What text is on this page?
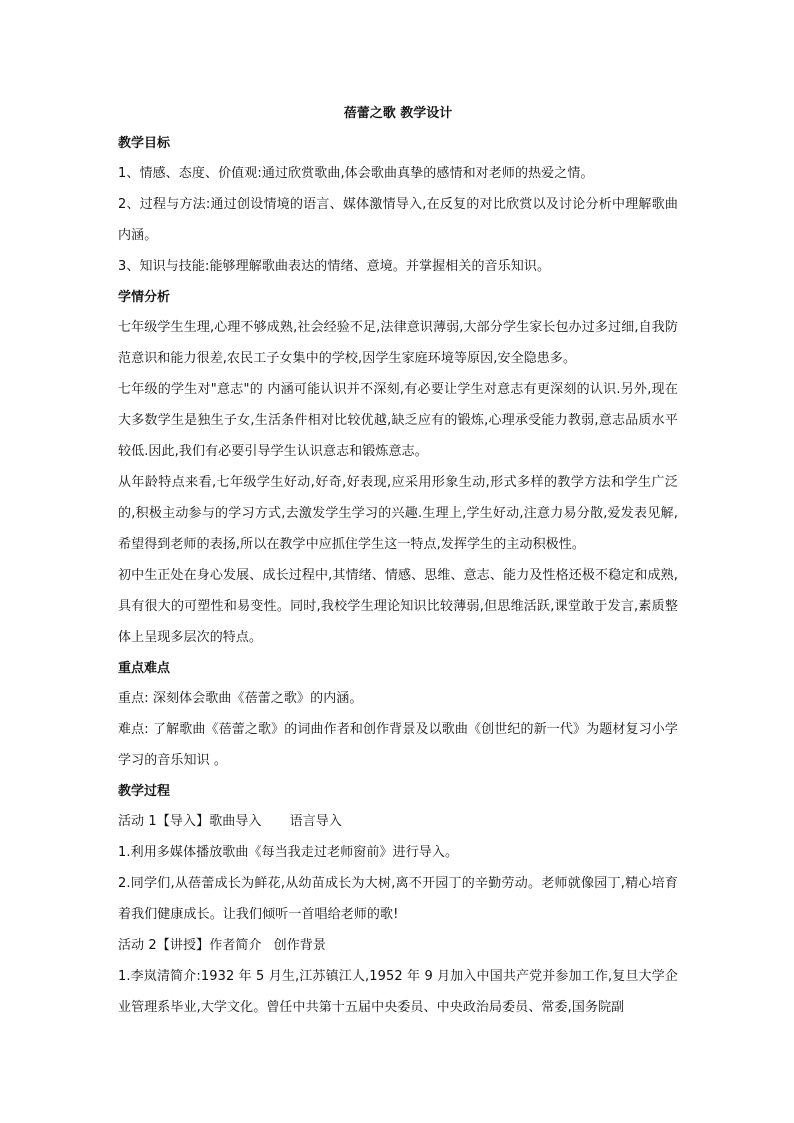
蓓蕾之歌 教学设计
教学目标
1、情感、态度、价值观:通过欣赏歌曲,体会歌曲真挚的感情和对老师的热爱之情。
2、过程与方法:通过创设情境的语言、媒体激情导入,在反复的对比欣赏以及讨论分析中理解歌曲内涵。
3、知识与技能:能够理解歌曲表达的情绪、意境。并掌握相关的音乐知识。
学情分析
七年级学生生理,心理不够成熟,社会经验不足,法律意识薄弱,大部分学生家长包办过多过细,自我防范意识和能力很差,农民工子女集中的学校,因学生家庭环境等原因,安全隐患多。
七年级的学生对"意志"的 内涵可能认识并不深刻,有必要让学生对意志有更深刻的认识.另外,现在大多数学生是独生子女,生活条件相对比较优越,缺乏应有的锻炼,心理承受能力教弱,意志品质水平较低.因此,我们有必要引导学生认识意志和锻炼意志。
从年龄特点来看,七年级学生好动,好奇,好表现,应采用形象生动,形式多样的教学方法和学生广泛的,积极主动参与的学习方式,去激发学生学习的兴趣.生理上,学生好动,注意力易分散,爱发表见解,希望得到老师的表扬,所以在教学中应抓住学生这一特点,发挥学生的主动积极性。
初中生正处在身心发展、成长过程中,其情绪、情感、思维、意志、能力及性格还极不稳定和成熟,具有很大的可塑性和易变性。同时,我校学生理论知识比较薄弱,但思维活跃,课堂敢于发言,素质整体上呈现多层次的特点。
重点难点
重点: 深刻体会歌曲《蓓蕾之歌》的内涵。
难点: 了解歌曲《蓓蕾之歌》的词曲作者和创作背景及以歌曲《创世纪的新一代》为题材复习小学学习的音乐知识 。
教学过程
活动 1【导入】歌曲导入 语言导入
1.利用多媒体播放歌曲《每当我走过老师窗前》进行导入。
2.同学们,从蓓蕾成长为鲜花,从幼苗成长为大树,离不开园丁的辛勤劳动。老师就像园丁,精心培育着我们健康成长。让我们倾听一首唱给老师的歌!
活动 2【讲授】作者简介 创作背景
1.李岚清简介:1932 年 5 月生,江苏镇江人,1952 年 9 月加入中国共产党并参加工作,复旦大学企业管理系毕业,大学文化。曾任中共第十五届中央委员、中央政治局委员、常委,国务院副
